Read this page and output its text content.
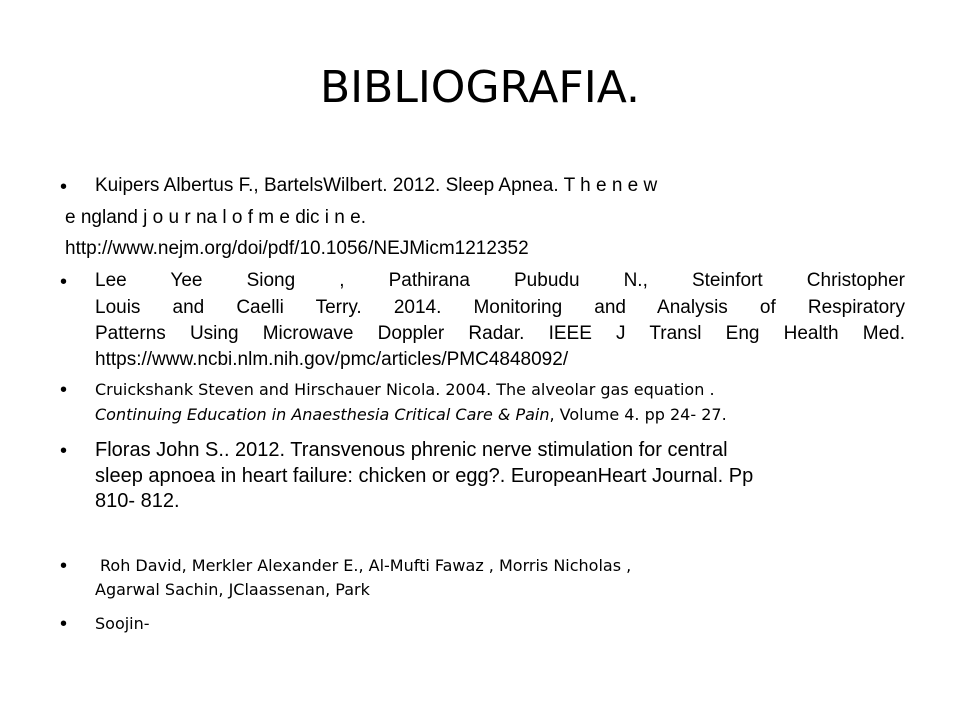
BIBLIOGRAFIA.
• Kuipers Albertus F., BartelsWilbert. 2012. Sleep Apnea. T h e n e w
e ngland j o u r na l o f m e dic i n e.
http://www.nejm.org/doi/pdf/10.1056/NEJMicm1212352
• Lee Yee Siong , Pathirana Pubudu N., Steinfort Christopher
Louis and Caelli Terry. 2014. Monitoring and Analysis of Respiratory
Patterns Using Microwave Doppler Radar. IEEE J Transl Eng Health Med.
https://www.ncbi.nlm.nih.gov/pmc/articles/PMC4848092/
• Cruickshank Steven and Hirschauer Nicola. 2004. The alveolar gas equation .
Continuing Education in Anaesthesia Critical Care & Pain, Volume 4. pp 24- 27.
• Floras John S.. 2012. Transvenous phrenic nerve stimulation for central
sleep apnoea in heart failure: chicken or egg?. EuropeanHeart Journal. Pp
810- 812.
• Roh David, Merkler Alexander E., Al-Mufti Fawaz , Morris Nicholas ,
Agarwal Sachin, JClaassenan, Park
• Soojin-
